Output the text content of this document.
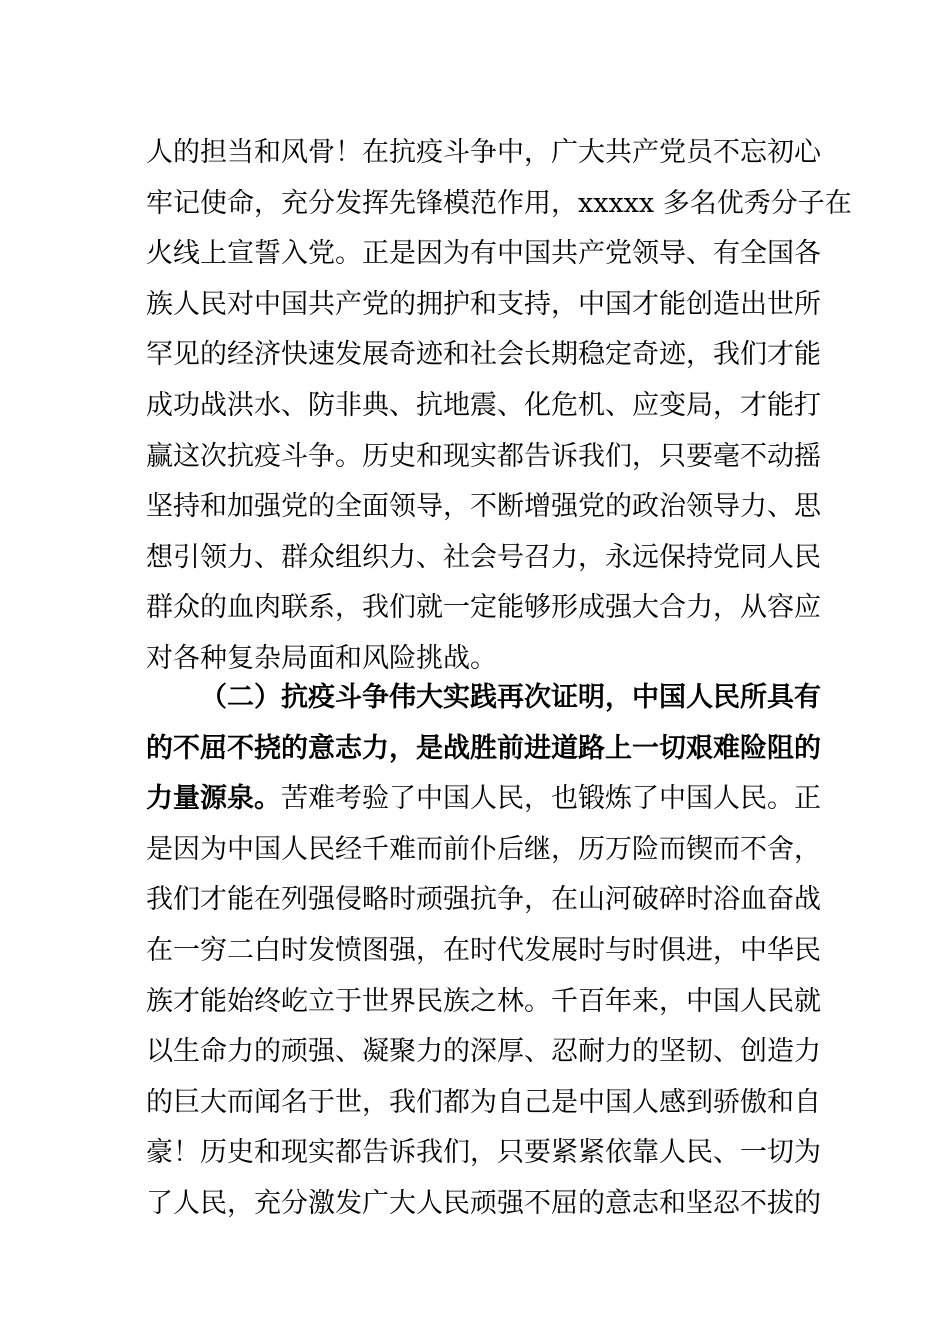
人的担当和风骨！在抗疫斗争中，广大共产党员不忘初心
牢记使命，充分发挥先锋模范作用，xxxxx 多名优秀分子在
火线上宣誓入党。正是因为有中国共产党领导、有全国各
族人民对中国共产党的拥护和支持，中国才能创造出世所
罕见的经济快速发展奇迹和社会长期稳定奇迹，我们才能
成功战洪水、防非典、抗地震、化危机、应变局，才能打
赢这次抗疫斗争。历史和现实都告诉我们，只要毫不动摇
坚持和加强党的全面领导，不断增强党的政治领导力、思
想引领力、群众组织力、社会号召力，永远保持党同人民
群众的血肉联系，我们就一定能够形成强大合力，从容应
对各种复杂局面和风险挑战。
（二）抗疫斗争伟大实践再次证明，中国人民所具有
的不屈不挠的意志力，是战胜前进道路上一切艰难险阻的
力量源泉。苦难考验了中国人民，也锻炼了中国人民。正
是因为中国人民经千难而前仆后继，历万险而锲而不舍，
我们才能在列强侵略时顽强抗争，在山河破碎时浴血奋战
在一穷二白时发愤图强，在时代发展时与时俱进，中华民
族才能始终屹立于世界民族之林。千百年来，中国人民就
以生命力的顽强、凝聚力的深厚、忍耐力的坚韧、创造力
的巨大而闻名于世，我们都为自己是中国人感到骄傲和自
豪！历史和现实都告诉我们，只要紧紧依靠人民、一切为
了人民，充分激发广大人民顽强不屈的意志和坚忍不拔的
